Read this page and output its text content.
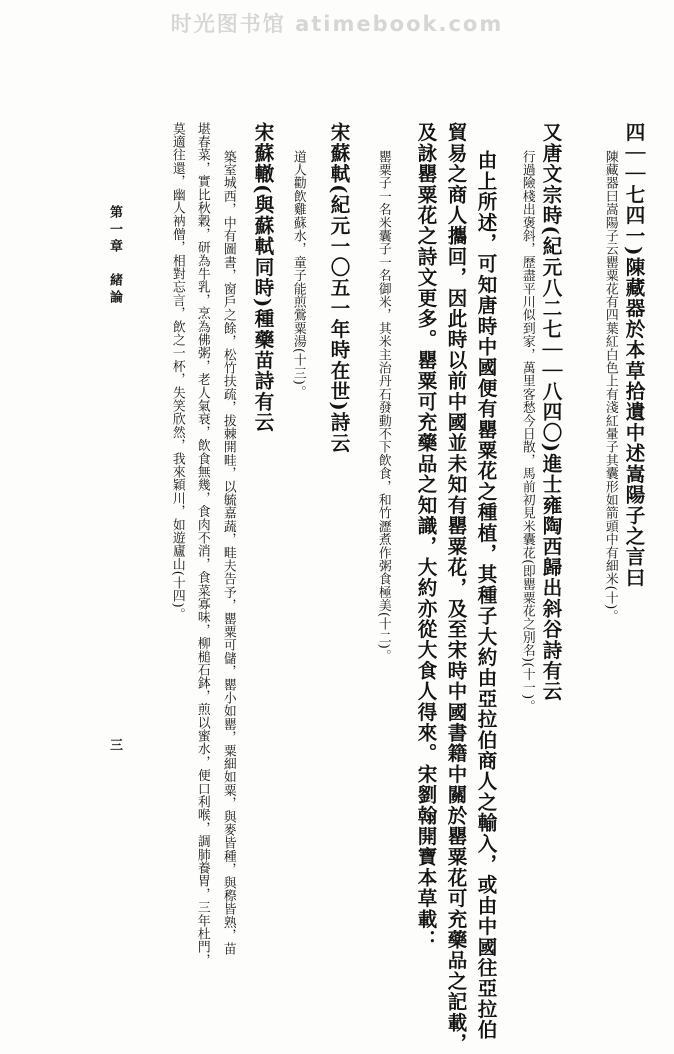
时光图书馆 atimebook.com
四｜｜七四一)陳藏器於本草拾遺中述嵩陽子之言曰
陳藏器曰嵩陽子云罌粟花有四葉紅白色上有淺紅暈子其囊形如箭頭中有細米(十)。
又唐文宗時(紀元八二七｜｜八四〇)進士雍陶西歸出斜谷詩有云
行過險棧出褒斜，歷盡平川似到家，萬里客愁今日散，馬前初見米囊花(即罌粟花之別名)(十一)。
由上所述，可知唐時中國便有罌粟花之種植，其種子大約由亞拉伯商人之輸入，或由中國往亞拉伯
貿易之商人攜回，因此時以前中國並未知有罌粟花，及至宋時中國書籍中關於罌粟花可充藥品之記載，
及詠罌粟花之詩文更多。罌粟可充藥品之知識，大約亦從大食人得來。宋劉翰開寶本草載：
罌粟子一名米囊子一名御米，其米主治丹石發動不下飲食，和竹瀝煮作粥食極美(十二)。
宋蘇軾(紀元一〇五一年時在世)詩云
道人勸飲雞蘇水，童子能煎鶯粟湯(十三)。
宋蘇轍(與蘇軾同時)種藥苗詩有云
築室城西，中有圖書，窗戶之餘，松竹扶疏，拔棘開畦，以毓嘉蔬，畦夫告予，罌粟可儲，罌小如罌，粟細如粟，與麥皆種，與穄皆熟，苗
堪春菜，實比秋穀，研為牛乳，烹為佛粥，老人氣衰，飲食無幾，食肉不消，食菜寡味，柳槌石鉢，煎以蜜水，便口利喉，調肺養胃，三年杜門，
莫適往還，幽人衲僧，相對忘言，飲之一杯，失笑欣然，我來穎川，如遊廬山(十四)。
第一章　緒論
三
